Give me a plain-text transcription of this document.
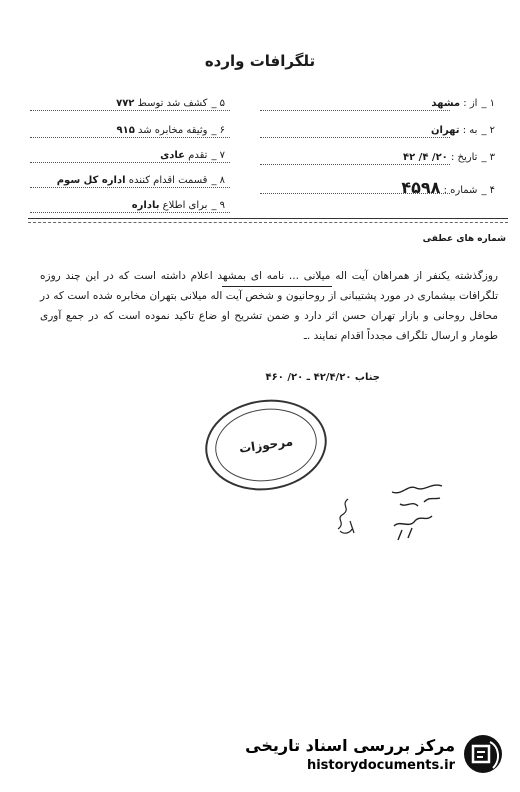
تلگرافات وارده
۱ _از : مشهد
۲ _به : تهران
۳ _تاریخ : ۲۰/ ۴/ ۴۲
۴ _شماره : ۴۵۹۸
۵ _کشف شد توسط ۷۷۲
۶ _وثیقه مخابره شد ۹۱۵
۷ _تقدم عادی
۸ _قسمت اقدام کننده اداره کل سوم
۹ _برای اطلاع باداره
شماره های عطفی
روزگذشته یکنفر از همراهان آیت اله میلانی ... نامه ای بمشهد اعلام داشته است که در این چند روزه تلگرافات بیشماری در مورد پشتیبانی از روحانیون و شخص آیت اله میلانی بتهران مخابره شده است که در محافل روحانی و بازار تهران حسن اثر دارد و ضمن تشریح او ضاع تاکید نموده است که در جمع آوری طومار و ارسال تلگراف مجدداً اقدام نمایند .ـ
جناب ۴۲/۴/۲۰ ـ ۲۰/ ۴۶۰
مرحوزات
مرکز بررسی اسناد تاریخی
historydocuments.ir
